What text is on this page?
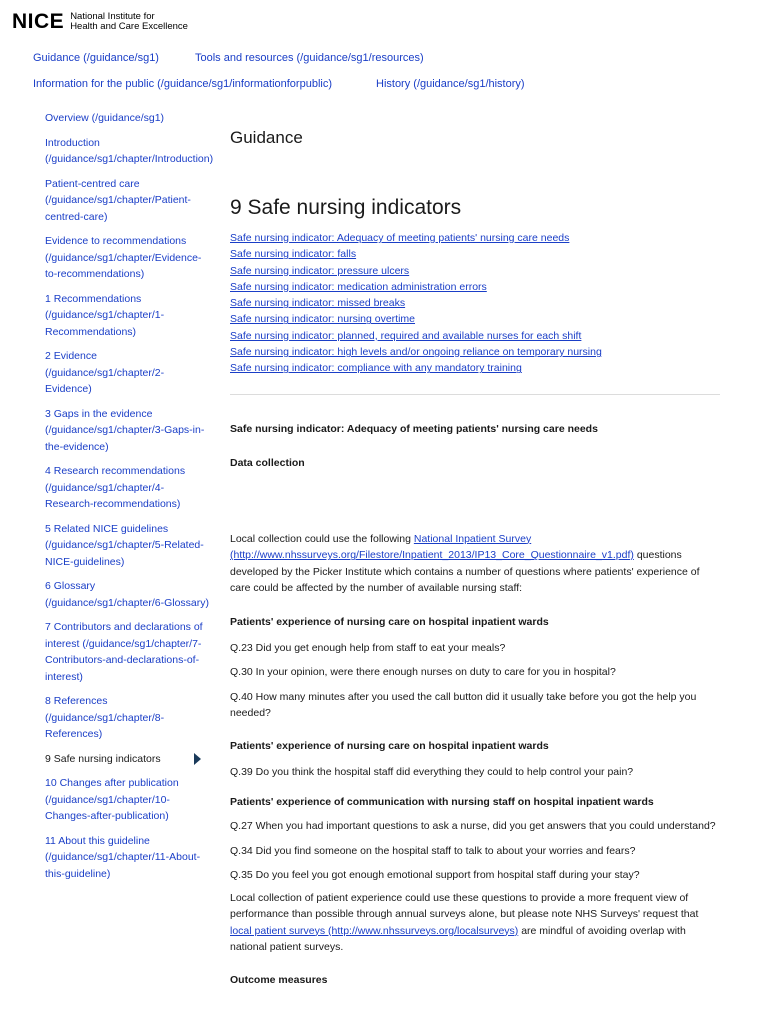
NICE National Institute for
Health and Care Excellence
Guidance (/guidance/sg1)	Tools and resources (/guidance/sg1/resources)
Information for the public (/guidance/sg1/informationforpublic)	History (/guidance/sg1/history)
Overview (/guidance/sg1)
Introduction (/guidance/sg1/chapter/Introduction)
Patient-centred care (/guidance/sg1/chapter/Patient-centred-care)
Evidence to recommendations (/guidance/sg1/chapter/Evidence-to-recommendations)
1 Recommendations (/guidance/sg1/chapter/1-Recommendations)
2 Evidence (/guidance/sg1/chapter/2-Evidence)
3 Gaps in the evidence (/guidance/sg1/chapter/3-Gaps-in-the-evidence)
4 Research recommendations (/guidance/sg1/chapter/4-Research-recommendations)
5 Related NICE guidelines (/guidance/sg1/chapter/5-Related-NICE-guidelines)
6 Glossary (/guidance/sg1/chapter/6-Glossary)
7 Contributors and declarations of interest (/guidance/sg1/chapter/7-Contributors-and-declarations-of-interest)
8 References (/guidance/sg1/chapter/8-References)
9 Safe nursing indicators
10 Changes after publication (/guidance/sg1/chapter/10-Changes-after-publication)
11 About this guideline (/guidance/sg1/chapter/11-About-this-guideline)
Guidance
9 Safe nursing indicators
Safe nursing indicator: Adequacy of meeting patients' nursing care needs
Safe nursing indicator: falls
Safe nursing indicator: pressure ulcers
Safe nursing indicator: medication administration errors
Safe nursing indicator: missed breaks
Safe nursing indicator: nursing overtime
Safe nursing indicator: planned, required and available nurses for each shift
Safe nursing indicator: high levels and/or ongoing reliance on temporary nursing
Safe nursing indicator: compliance with any mandatory training

Safe nursing indicator: Adequacy of meeting patients' nursing care needs

Data collection

Local collection could use the following National Inpatient Survey (http://www.nhssurveys.org/Filestore/Inpatient_2013/IP13_Core_Questionnaire_v1.pdf) questions developed by the Picker Institute which contains a number of questions where patients' experience of care could be affected by the number of available nursing staff:

Patients' experience of nursing care on hospital inpatient wards

Q.23 Did you get enough help from staff to eat your meals?

Q.30 In your opinion, were there enough nurses on duty to care for you in hospital?

Q.40 How many minutes after you used the call button did it usually take before you got the help you needed?

Patients' experience of nursing care on hospital inpatient wards

Q.39 Do you think the hospital staff did everything they could to help control your pain?

Patients' experience of communication with nursing staff on hospital inpatient wards

Q.27 When you had important questions to ask a nurse, did you get answers that you could understand?

Q.34 Did you find someone on the hospital staff to talk to about your worries and fears?

Q.35 Do you feel you got enough emotional support from hospital staff during your stay?

Local collection of patient experience could use these questions to provide a more frequent view of performance than possible through annual surveys alone, but please note NHS Surveys' request that local patient surveys (http://www.nhssurveys.org/localsurveys) are mindful of avoiding overlap with national patient surveys.

Outcome measures
